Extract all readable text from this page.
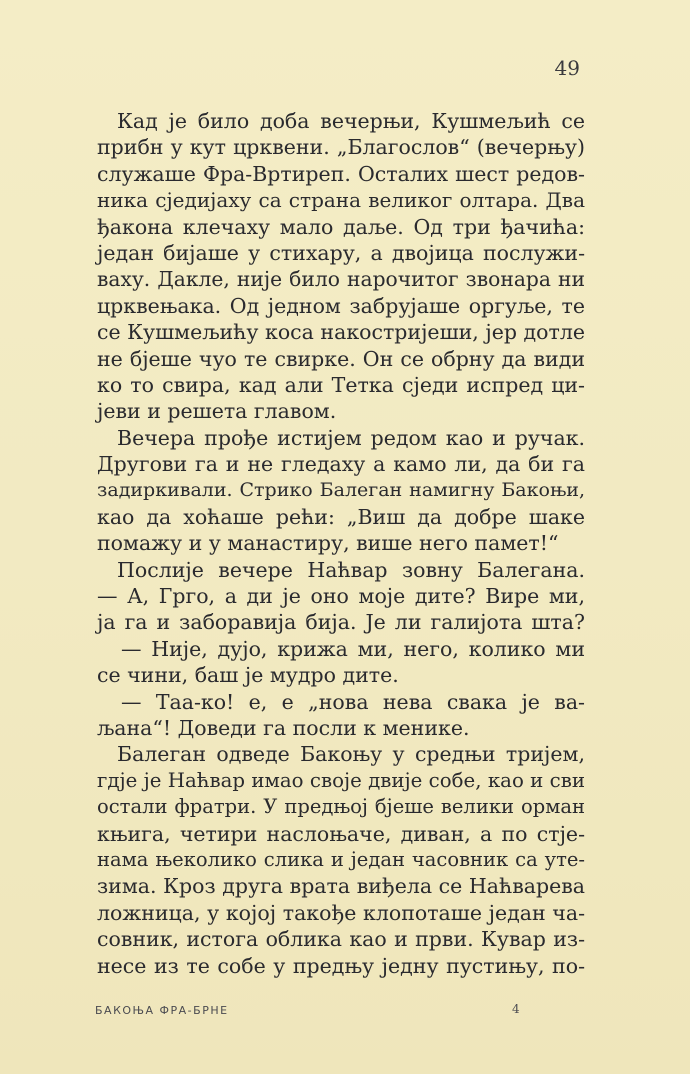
49
Кад је било доба вечерњи, Кушмељић се
прибн у кут црквени. „Благослов“ (вечерњу)
служаше Фра-Вртиреп. Осталих шест редов-
ника сједијаху са страна великог олтара. Два
ђакона клечаху мало даље. Од три ђачића:
један бијаше у стихару, а двојица послужи-
ваху. Дакле, није било нарочитог звонара ни
црквењака. Од једном забрујаше оргуље, те
се Кушмељићу коса накостријеши, јер дотле
не бјеше чуо те свирке. Он се обрну да види
ко то свира, кад али Тетка сједи испред ци-
јеви и решета главом.
Вечера прође истијем редом као и ручак.
Другови га и не гледаху а камо ли, да би га
задиркивали. Стрико Балеган намигну Бакоњи,
као да хоћаше рећи: „Виш да добре шаке
помажу и у манастиру, више него памет!“
Послије вечере Наћвар зовну Балегана.
— А, Грго, а ди је оно моје дите? Вире ми,
ја га и заборавија бија. Је ли галијота шта?
— Није, дујо, крижа ми, него, колико ми
се чини, баш је мудро дите.
— Таа-ко! е, е „нова нева свака је ва-
љана“! Доведи га посли к менике.
Балеган одведе Бакоњу у средњи тријем,
гдје је Наћвар имао своје двије собе, као и сви
остали фратри. У предњој бјеше велики орман
књига, четири наслоњаче, диван, а по стје-
нама њеколико слика и један часовник са уте-
зима. Кроз друга врата виђела се Наћварева
ложница, у којој такође клопоташе један ча-
совник, истога облика као и први. Кувар из-
несе из те собе у предњу једну пустињу, по-
БАКОЊА ФРА-БРНЕ	4
